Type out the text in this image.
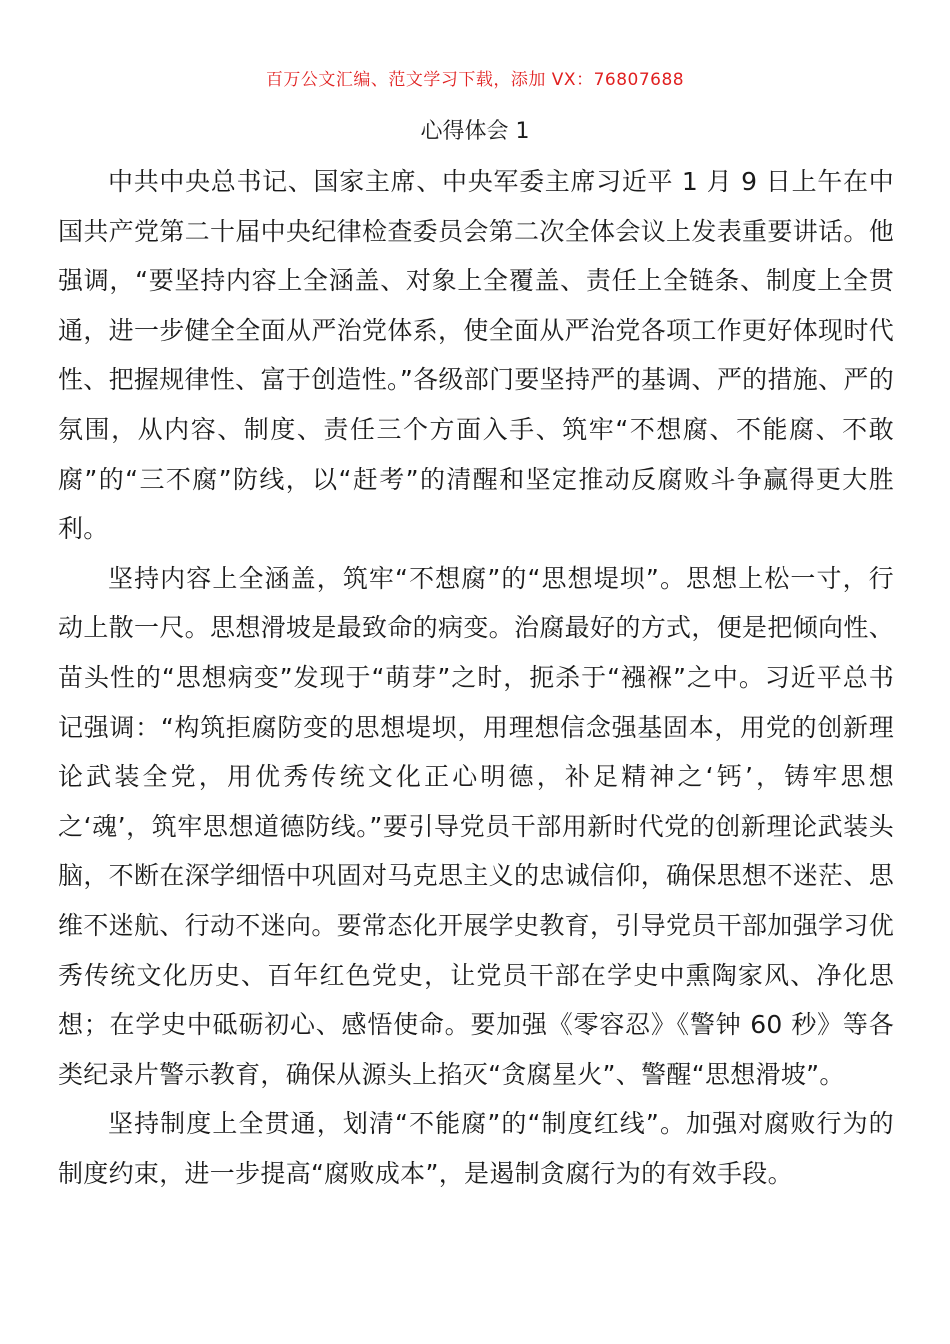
百万公文汇编、范文学习下载，添加 VX：76807688
心得体会 1

中共中央总书记、国家主席、中央军委主席习近平 1 月 9 日上午在中国共产党第二十届中央纪律检查委员会第二次全体会议上发表重要讲话。他强调，“要坚持内容上全涵盖、对象上全覆盖、责任上全链条、制度上全贯通，进一步健全全面从严治党体系，使全面从严治党各项工作更好体现时代性、把握规律性、富于创造性。”各级部门要坚持严的基调、严的措施、严的氛围，从内容、制度、责任三个方面入手、筑牢“不想腐、不能腐、不敢腐”的“三不腐”防线，以“赶考”的清醒和坚定推动反腐败斗争赢得更大胜利。

坚持内容上全涵盖，筑牢“不想腐”的“思想堤坝”。思想上松一寸，行动上散一尺。思想滑坡是最致命的病变。治腐最好的方式，便是把倾向性、苗头性的“思想病变”发现于“萌芽”之时，扼杀于“襁褓”之中。习近平总书记强调：“构筑拒腐防变的思想堤坝，用理想信念强基固本，用党的创新理论武装全党，用优秀传统文化正心明德，补足精神之‘钙’，铸牢思想之‘魂’，筑牢思想道德防线。”要引导党员干部用新时代党的创新理论武装头脑，不断在深学细悟中巩固对马克思主义的忠诚信仰，确保思想不迷茫、思维不迷航、行动不迷向。要常态化开展学史教育，引导党员干部加强学习优秀传统文化历史、百年红色党史，让党员干部在学史中熏陶家风、净化思想；在学史中砥砺初心、感悟使命。要加强《零容忍》《警钟 60 秒》等各类纪录片警示教育，确保从源头上掐灭“贪腐星火”、警醒“思想滑坡”。

坚持制度上全贯通，划清“不能腐”的“制度红线”。加强对腐败行为的制度约束，进一步提高“腐败成本”，是遏制贪腐行为的有效手段。
